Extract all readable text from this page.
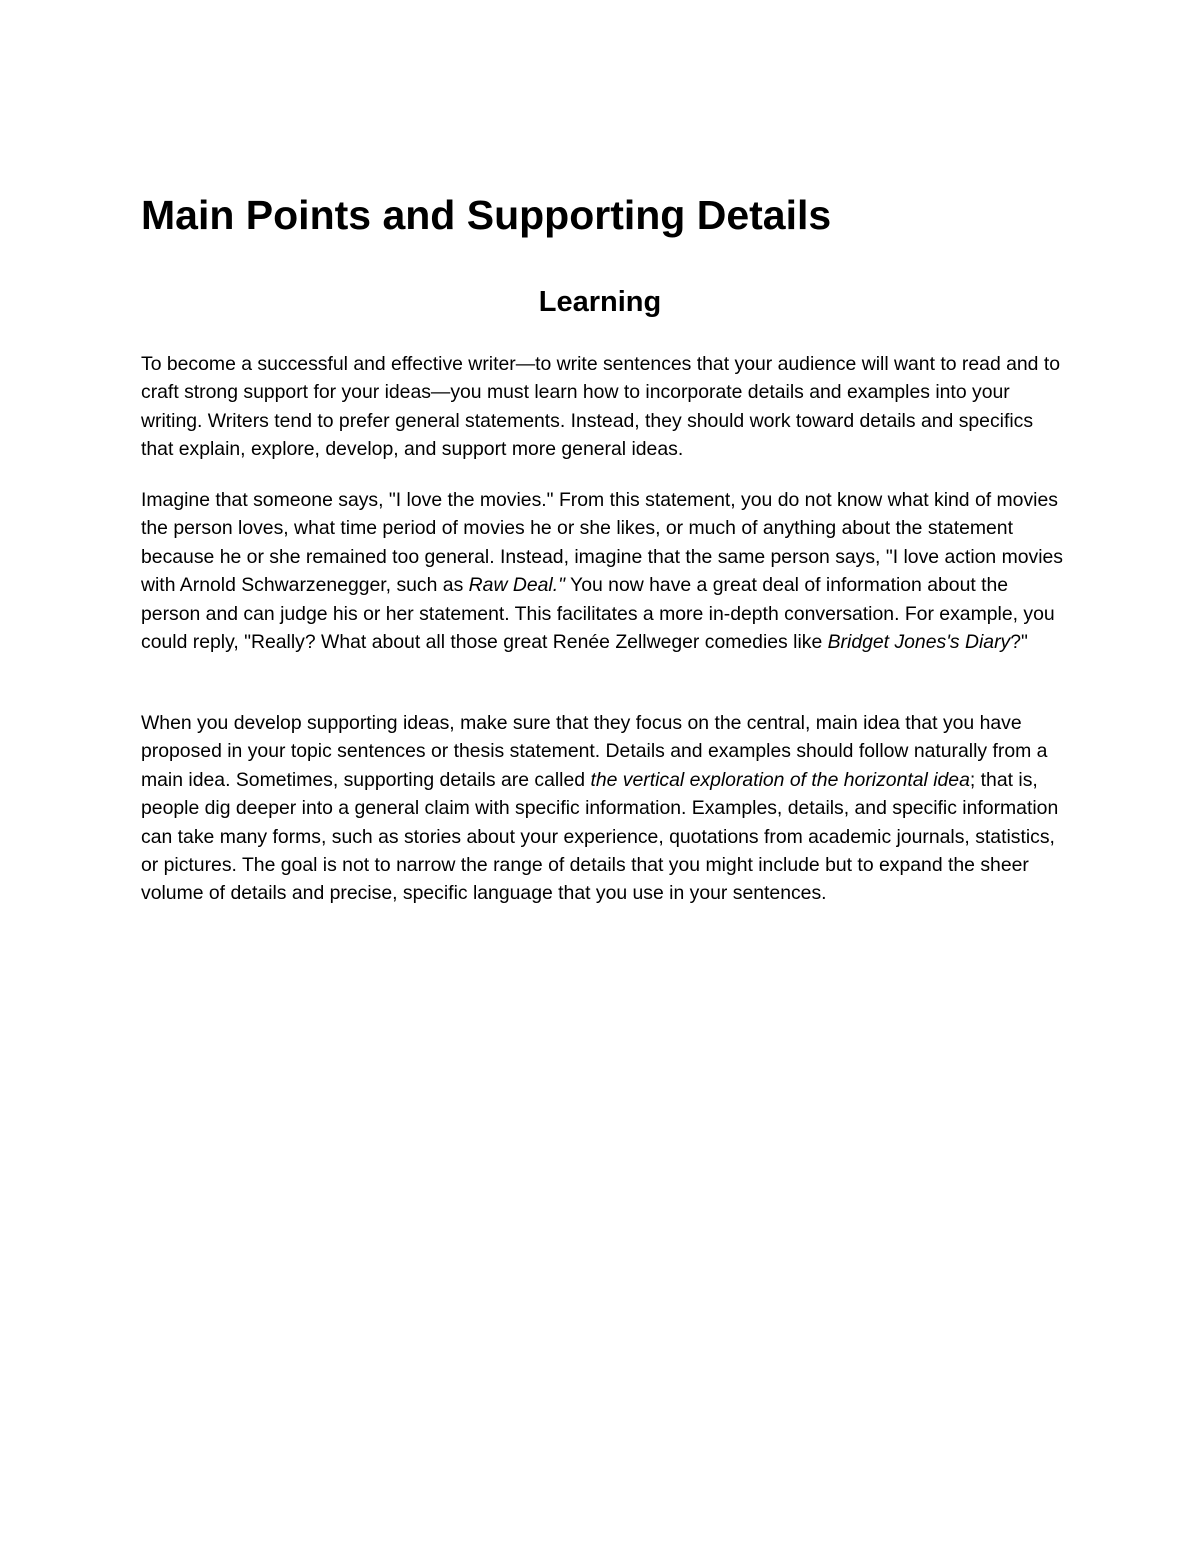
Main Points and Supporting Details
Learning

To become a successful and effective writer—to write sentences that your audience will want to read and to craft strong support for your ideas—you must learn how to incorporate details and examples into your writing. Writers tend to prefer general statements. Instead, they should work toward details and specifics that explain, explore, develop, and support more general ideas.

Imagine that someone says, "I love the movies." From this statement, you do not know what kind of movies the person loves, what time period of movies he or she likes, or much of anything about the statement because he or she remained too general. Instead, imagine that the same person says, "I love action movies with Arnold Schwarzenegger, such as Raw Deal." You now have a great deal of information about the person and can judge his or her statement. This facilitates a more in-depth conversation. For example, you could reply, "Really? What about all those great Renée Zellweger comedies like Bridget Jones's Diary?"

When you develop supporting ideas, make sure that they focus on the central, main idea that you have proposed in your topic sentences or thesis statement. Details and examples should follow naturally from a main idea. Sometimes, supporting details are called the vertical exploration of the horizontal idea; that is, people dig deeper into a general claim with specific information. Examples, details, and specific information can take many forms, such as stories about your experience, quotations from academic journals, statistics, or pictures. The goal is not to narrow the range of details that you might include but to expand the sheer volume of details and precise, specific language that you use in your sentences.
